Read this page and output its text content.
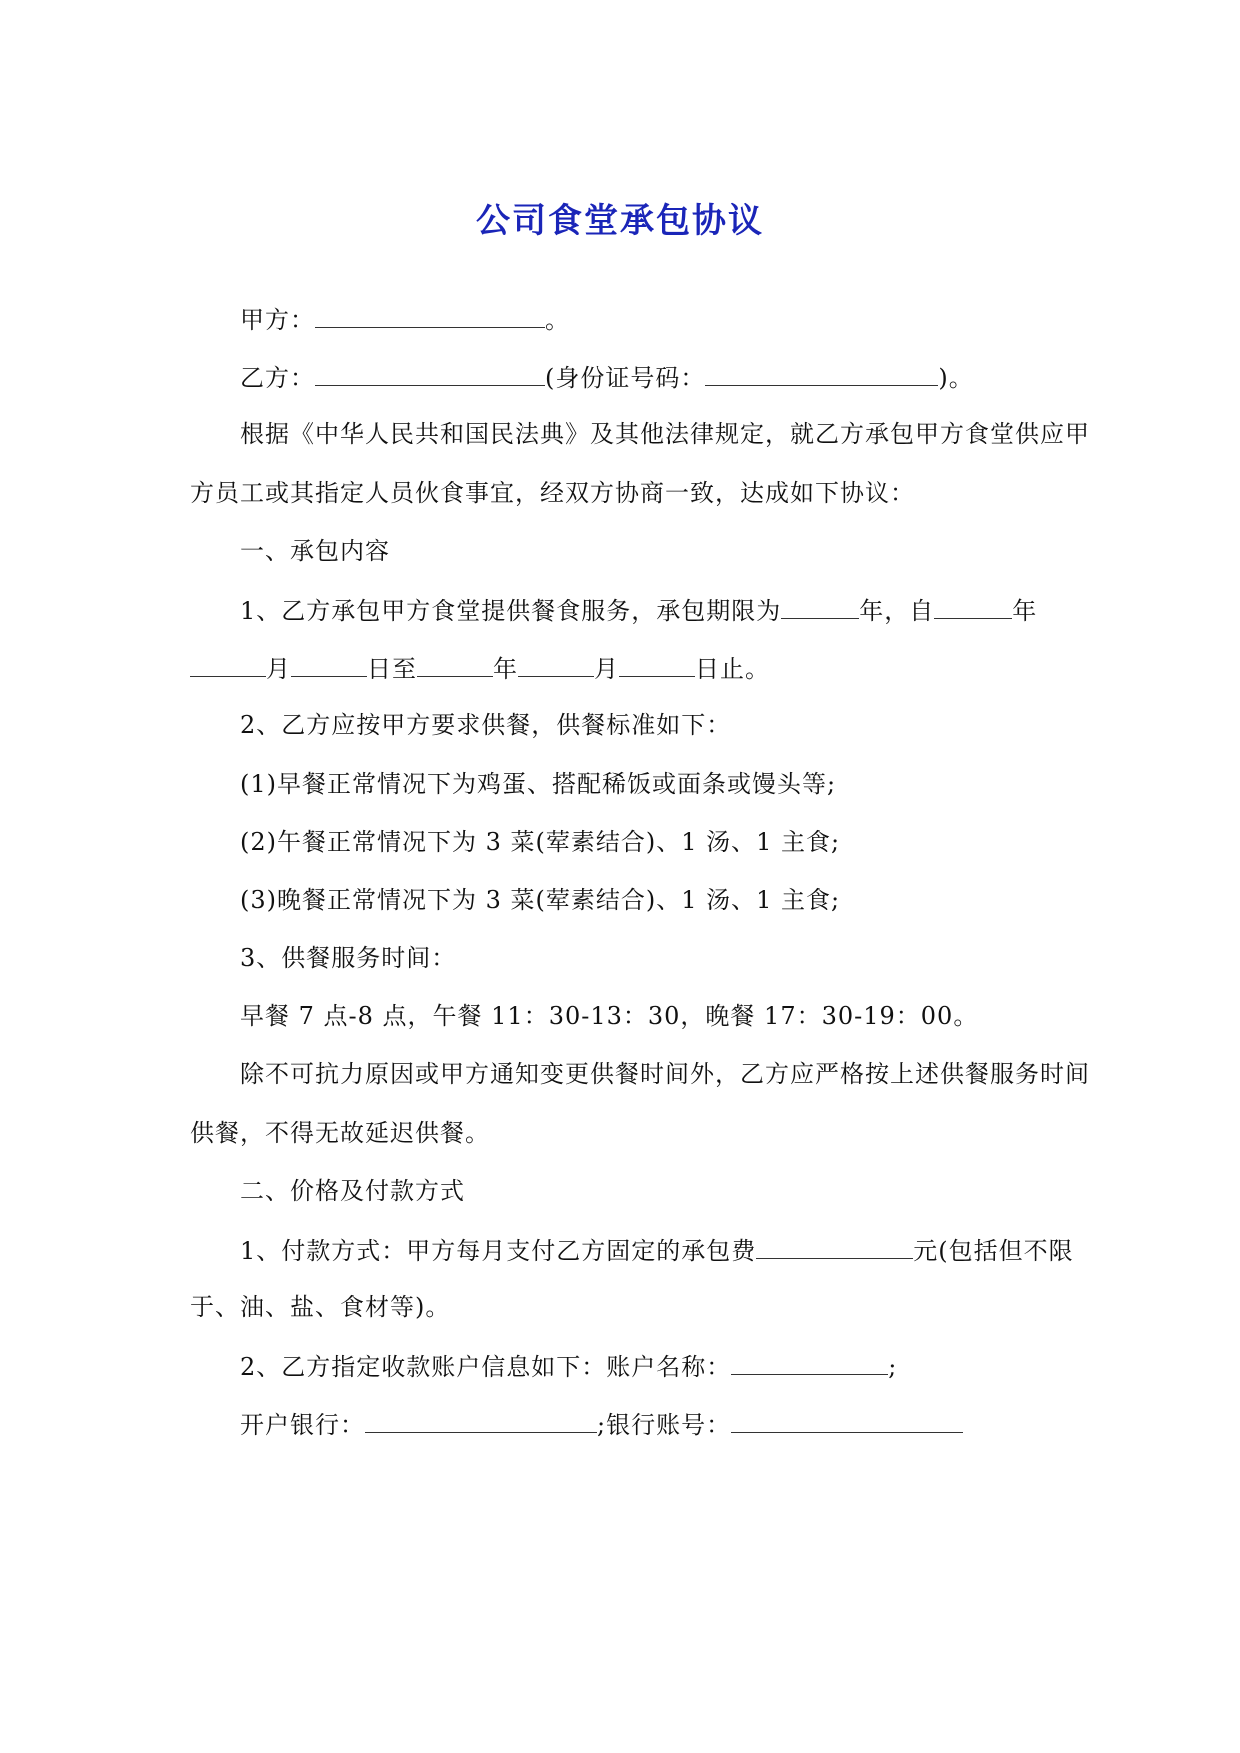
公司食堂承包协议
甲方：	。
乙方：	(身份证号码：	)。
根据《中华人民共和国民法典》及其他法律规定，就乙方承包甲方食堂供应甲
方员工或其指定人员伙食事宜，经双方协商一致，达成如下协议：
一、承包内容
1、乙方承包甲方食堂提供餐食服务，承包期限为	年，自	年
月	日至	年	月	日止。
2、乙方应按甲方要求供餐，供餐标准如下：
(1)早餐正常情况下为鸡蛋、搭配稀饭或面条或馒头等;
(2)午餐正常情况下为 3 菜(荤素结合)、1 汤、1 主食;
(3)晚餐正常情况下为 3 菜(荤素结合)、1 汤、1 主食;
3、供餐服务时间：
早餐 7 点-8 点，午餐 11：30-13：30，晚餐 17：30-19：00。
除不可抗力原因或甲方通知变更供餐时间外，乙方应严格按上述供餐服务时间
供餐，不得无故延迟供餐。
二、价格及付款方式
1、付款方式：甲方每月支付乙方固定的承包费	元(包括但不限
于、油、盐、食材等)。
2、乙方指定收款账户信息如下：账户名称：	;
开户银行：	;银行账号：
